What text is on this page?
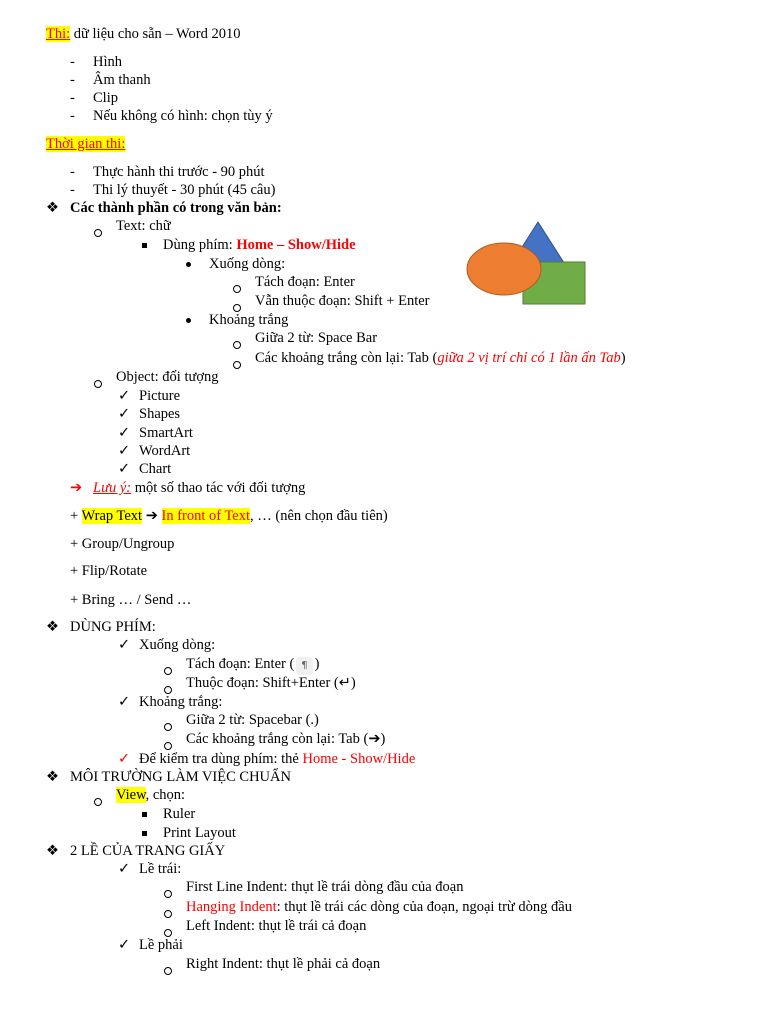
Thi: dữ liệu cho sẵn – Word 2010
- Hình
- Âm thanh
- Clip
- Nếu không có hình: chọn tùy ý
Thời gian thi:
- Thực hành thi trước - 90 phút
- Thi lý thuyết - 30 phút (45 câu)
❖ Các thành phần có trong văn bản:
Text: chữ
Dùng phím: Home – Show/Hide
Xuống dòng:
Tách đoạn: Enter
Vẫn thuộc đoạn: Shift + Enter
Khoảng trắng
Giữa 2 từ: Space Bar
Các khoảng trắng còn lại: Tab (giữa 2 vị trí chỉ có 1 lần ấn Tab)
Object: đối tượng
✓ Picture
✓ Shapes
✓ SmartArt
✓ WordArt
✓ Chart
➔ Lưu ý: một số thao tác với đối tượng
+ Wrap Text ➔ In front of Text, … (nên chọn đầu tiên)
+ Group/Ungroup
+ Flip/Rotate
+ Bring … / Send …
❖ DÙNG PHÍM:
✓ Xuống dòng:
Tách đoạn: Enter ( ¶ )
Thuộc đoạn: Shift+Enter (↵)
✓ Khoảng trắng:
Giữa 2 từ: Spacebar (.)
Các khoảng trắng còn lại: Tab (➔)
✓ Để kiểm tra dùng phím: thẻ Home - Show/Hide
❖ MÔI TRƯỜNG LÀM VIỆC CHUẨN
View, chọn:
Ruler
Print Layout
❖ 2 LỀ CỦA TRANG GIẤY
✓ Lề trái:
First Line Indent: thụt lề trái dòng đầu của đoạn
Hanging Indent: thụt lề trái các dòng của đoạn, ngoại trừ dòng đầu
Left Indent: thụt lề trái cả đoạn
✓ Lề phải
Right Indent: thụt lề phải cả đoạn
